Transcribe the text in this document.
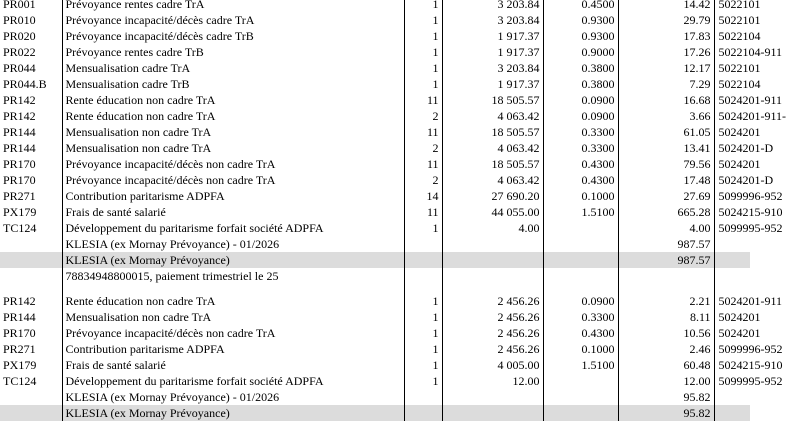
PR001	Prévoyance rentes cadre TrA	1	3 203.84	0.4500	14.42	5022101
PR010	Prévoyance incapacité/décès cadre TrA	1	3 203.84	0.9300	29.79	5022101
PR020	Prévoyance incapacité/décès cadre TrB	1	1 917.37	0.9300	17.83	5022104
PR022	Prévoyance rentes cadre TrB	1	1 917.37	0.9000	17.26	5022104-911
PR044	Mensualisation cadre TrA	1	3 203.84	0.3800	12.17	5022101
PR044.B	Mensualisation cadre TrB	1	1 917.37	0.3800	7.29	5022104
PR142	Rente éducation non cadre TrA	11	18 505.57	0.0900	16.68	5024201-911
PR142	Rente éducation non cadre TrA	2	4 063.42	0.0900	3.66	5024201-911-
PR144	Mensualisation non cadre TrA	11	18 505.57	0.3300	61.05	5024201
PR144	Mensualisation non cadre TrA	2	4 063.42	0.3300	13.41	5024201-D
PR170	Prévoyance incapacité/décès non cadre TrA	11	18 505.57	0.4300	79.56	5024201
PR170	Prévoyance incapacité/décès non cadre TrA	2	4 063.42	0.4300	17.48	5024201-D
PR271	Contribution paritarisme ADPFA	14	27 690.20	0.1000	27.69	5099996-952
PX179	Frais de santé salarié	11	44 055.00	1.5100	665.28	5024215-910
TC124	Développement du paritarisme forfait société ADPFA	1	4.00		4.00	5099995-952
	KLESIA (ex Mornay Prévoyance) - 01/2026				987.57	
	KLESIA (ex Mornay Prévoyance)				987.57	
	78834948800015, paiement trimestriel le 25					

PR142	Rente éducation non cadre TrA	1	2 456.26	0.0900	2.21	5024201-911
PR144	Mensualisation non cadre TrA	1	2 456.26	0.3300	8.11	5024201
PR170	Prévoyance incapacité/décès non cadre TrA	1	2 456.26	0.4300	10.56	5024201
PR271	Contribution paritarisme ADPFA	1	2 456.26	0.1000	2.46	5099996-952
PX179	Frais de santé salarié	1	4 005.00	1.5100	60.48	5024215-910
TC124	Développement du paritarisme forfait société ADPFA	1	12.00		12.00	5099995-952
	KLESIA (ex Mornay Prévoyance) - 01/2026				95.82	
	KLESIA (ex Mornay Prévoyance)				95.82	
